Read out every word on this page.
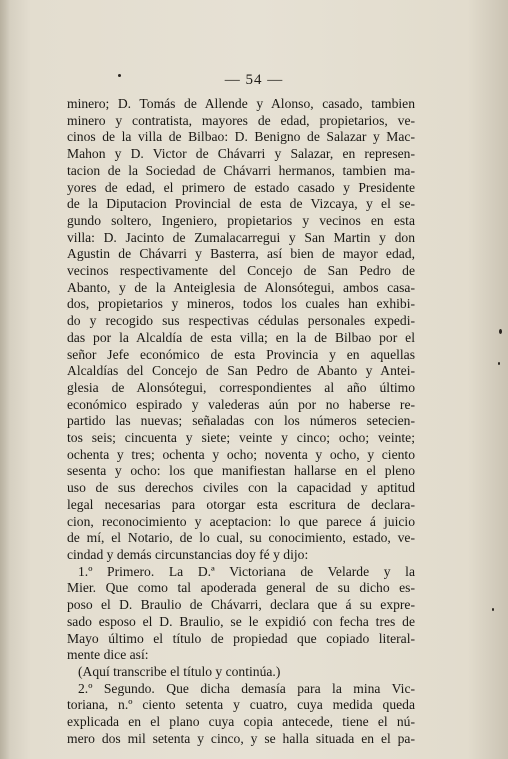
— 54 —
minero; D. Tomás de Allende y Alonso, casado, tambien
minero y contratista, mayores de edad, propietarios, ve-
cinos de la villa de Bilbao: D. Benigno de Salazar y Mac-
Mahon y D. Victor de Chávarri y Salazar, en represen-
tacion de la Sociedad de Chávarri hermanos, tambien ma-
yores de edad, el primero de estado casado y Presidente
de la Diputacion Provincial de esta de Vizcaya, y el se-
gundo soltero, Ingeniero, propietarios y vecinos en esta
villa: D. Jacinto de Zumalacarregui y San Martin y don
Agustin de Chávarri y Basterra, así bien de mayor edad,
vecinos respectivamente del Concejo de San Pedro de
Abanto, y de la Anteiglesia de Alonsótegui, ambos casa-
dos, propietarios y mineros, todos los cuales han exhibi-
do y recogido sus respectivas cédulas personales expedi-
das por la Alcaldía de esta villa; en la de Bilbao por el
señor Jefe económico de esta Provincia y en aquellas
Alcaldías del Concejo de San Pedro de Abanto y Antei-
glesia de Alonsótegui, correspondientes al año último
económico espirado y valederas aún por no haberse re-
partido las nuevas; señaladas con los números setecien-
tos seis; cincuenta y siete; veinte y cinco; ocho; veinte;
ochenta y tres; ochenta y ocho; noventa y ocho, y ciento
sesenta y ocho: los que manifiestan hallarse en el pleno
uso de sus derechos civiles con la capacidad y aptitud
legal necesarias para otorgar esta escritura de declara-
cion, reconocimiento y aceptacion: lo que parece á juicio
de mí, el Notario, de lo cual, su conocimiento, estado, ve-
cindad y demás circunstancias doy fé y dijo:
1.º Primero. La D.ª Victoriana de Velarde y la
Mier. Que como tal apoderada general de su dicho es-
poso el D. Braulio de Chávarri, declara que á su expre-
sado esposo el D. Braulio, se le expidió con fecha tres de
Mayo último el título de propiedad que copiado literal-
mente dice así:
(Aquí transcribe el título y continúa.)
2.º Segundo. Que dicha demasía para la mina Vic-
toriana, n.º ciento setenta y cuatro, cuya medida queda
explicada en el plano cuya copia antecede, tiene el nú-
mero dos mil setenta y cinco, y se halla situada en el pa-
